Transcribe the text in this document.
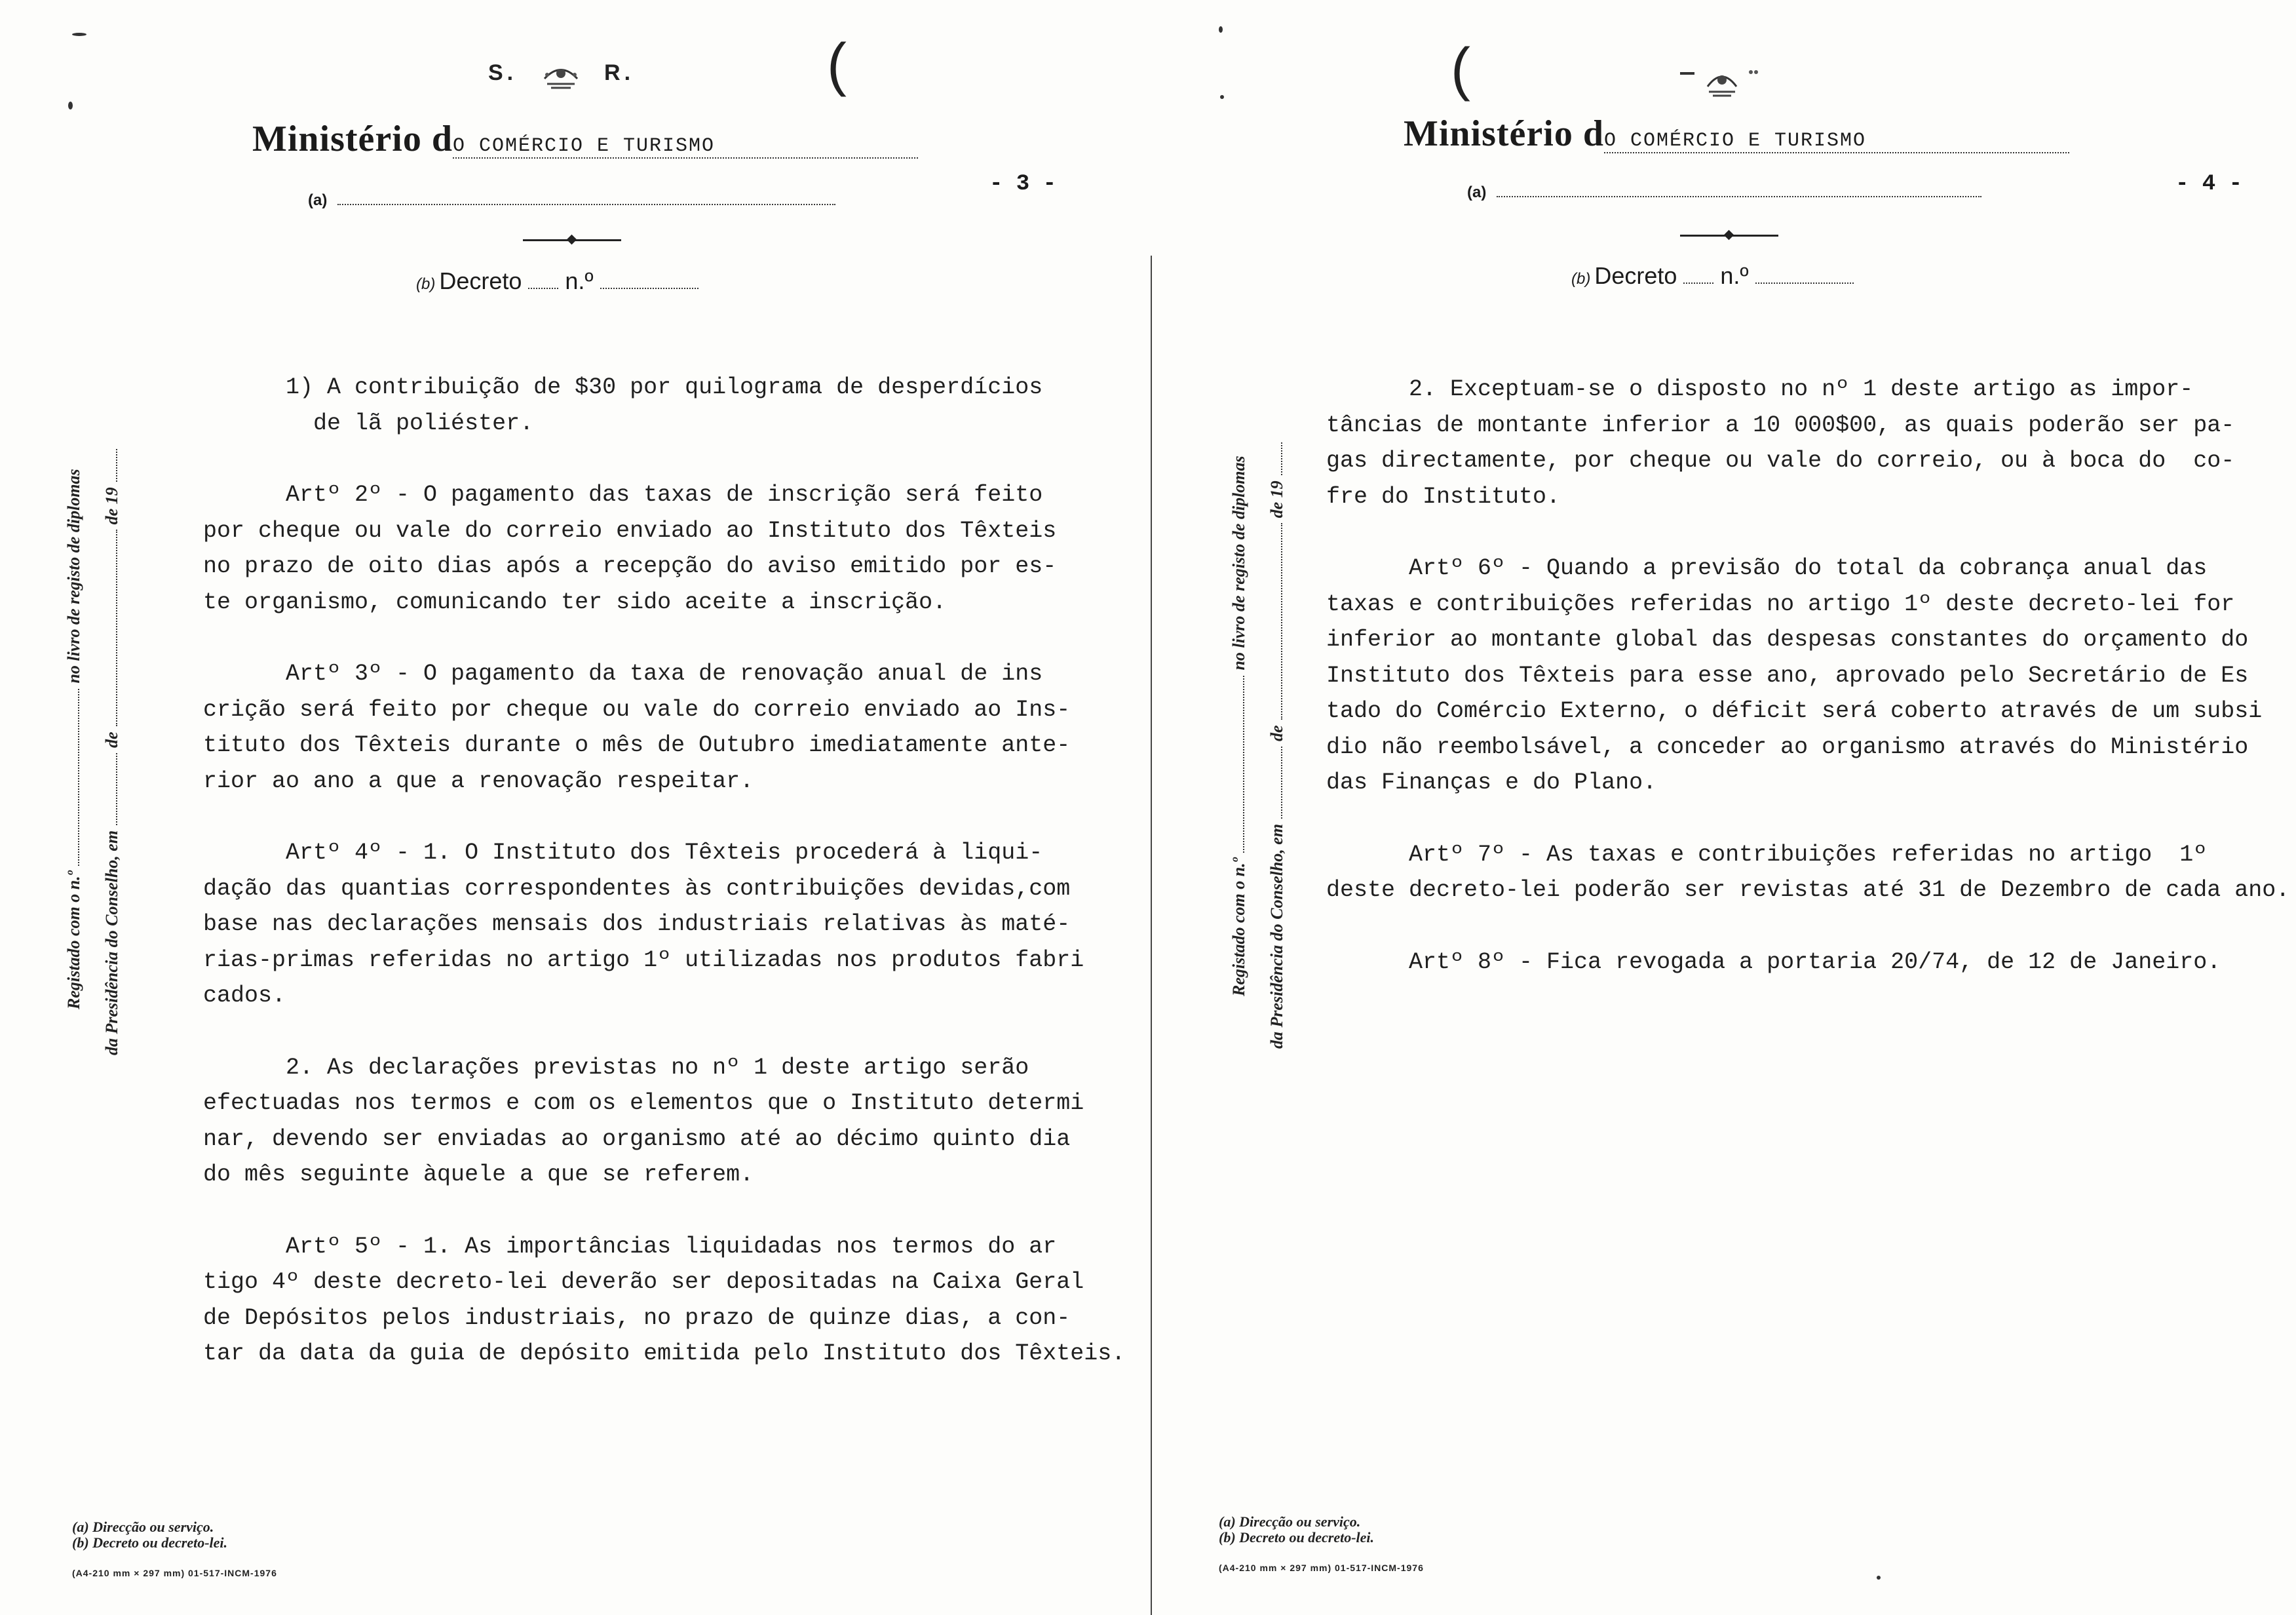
S.	R.	(
Ministério dO COMÉRCIO E TURISMO
(a)
- 3 -
(b) Decreto n.º
1) A contribuição de $30 por quilograma de desperdícios
de lã poliéster.
Artº 2º - O pagamento das taxas de inscrição será feito
por cheque ou vale do correio enviado ao Instituto dos Têxteis
no prazo de oito dias após a recepção do aviso emitido por es-
te organismo, comunicando ter sido aceite a inscrição.
Artº 3º - O pagamento da taxa de renovação anual de ins
crição será feito por cheque ou vale do correio enviado ao Ins-
tituto dos Têxteis durante o mês de Outubro imediatamente ante-
rior ao ano a que a renovação respeitar.
Artº 4º - 1. O Instituto dos Têxteis procederá à liqui-
dação das quantias correspondentes às contribuições devidas,com
base nas declarações mensais dos industriais relativas às maté-
rias-primas referidas no artigo 1º utilizadas nos produtos fabri
cados.
2. As declarações previstas no nº 1 deste artigo serão
efectuadas nos termos e com os elementos que o Instituto determi
nar, devendo ser enviadas ao organismo até ao décimo quinto dia
do mês seguinte àquele a que se referem.
Artº 5º - 1. As importâncias liquidadas nos termos do ar
tigo 4º deste decreto-lei deverão ser depositadas na Caixa Geral
de Depósitos pelos industriais, no prazo de quinze dias, a con-
tar da data da guia de depósito emitida pelo Instituto dos Têxteis.
Registado com o n.ºno livro de registo de diplomas
da Presidência do Conselho, emdede 19
(a) Direcção ou serviço.
(b) Decreto ou decreto-lei.
(A4-210 mm × 297 mm) 01-517-INCM-1976
(
Ministério dO COMÉRCIO E TURISMO
(a)	- 4 -
(b) Decreto n.º
2. Exceptuam-se o disposto no nº 1 deste artigo as impor-
tâncias de montante inferior a 10 000$00, as quais poderão ser pa-
gas directamente, por cheque ou vale do correio, ou à boca do  co-
fre do Instituto.
Artº 6º - Quando a previsão do total da cobrança anual das
taxas e contribuições referidas no artigo 1º deste decreto-lei for
inferior ao montante global das despesas constantes do orçamento do
Instituto dos Têxteis para esse ano, aprovado pelo Secretário de Es
tado do Comércio Externo, o déficit será coberto através de um subsi
dio não reembolsável, a conceder ao organismo através do Ministério
das Finanças e do Plano.
Artº 7º - As taxas e contribuições referidas no artigo  1º
deste decreto-lei poderão ser revistas até 31 de Dezembro de cada ano.
Artº 8º - Fica revogada a portaria 20/74, de 12 de Janeiro.
Registado com o n.ºno livro de registo de diplomas
da Presidência do Conselho, emdede 19
(a) Direcção ou serviço.
(b) Decreto ou decreto-lei.
(A4-210 mm × 297 mm) 01-517-INCM-1976
